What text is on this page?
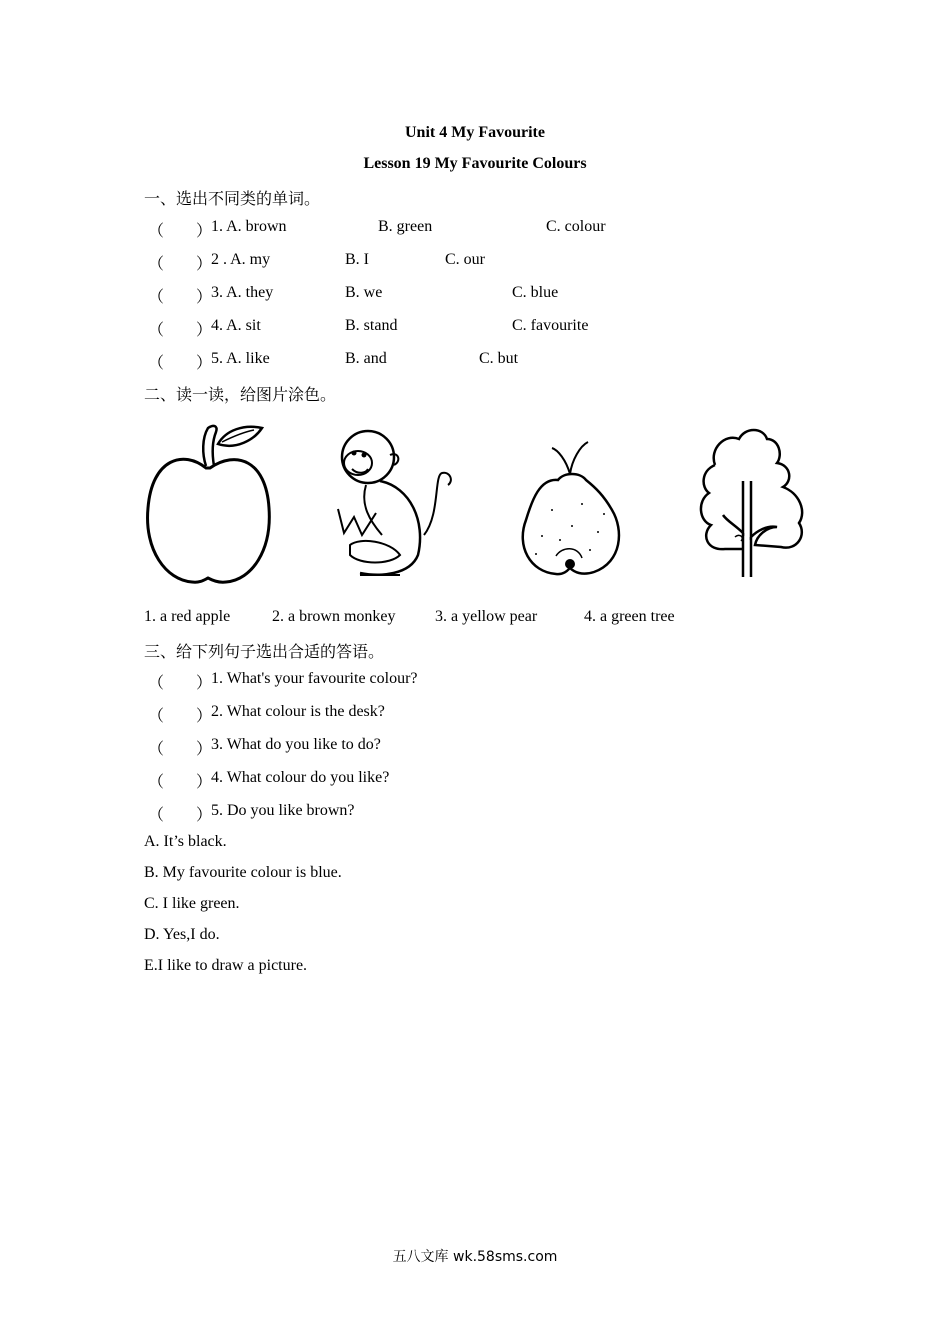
Unit 4 My Favourite
Lesson 19 My Favourite Colours
一、选出不同类的单词。
（　　）
1. A. brown	B. green	C. colour
（　　）
2 . A. my	B. I	C. our
（　　）
3. A. they	B. we	C. blue
（　　）
4. A. sit	B. stand	C. favourite
（　　）
5. A. like	B. and	C. but
二、读一读，给图片涂色。
1. a red apple	2. a brown monkey 3. a yellow pear	4. a green tree
三、给下列句子选出合适的答语。
（　　）
1. What's your favourite colour?
（　　）
2. What colour is the desk?
（　　）
3. What do you like to do?
（　　）
4. What colour do you like?
（　　）
5. Do you like brown?
A. It’s black.
B. My favourite colour is blue.
C. I like green.
D. Yes,I do.
E.I like to draw a picture.
五八文库 wk.58sms.com
